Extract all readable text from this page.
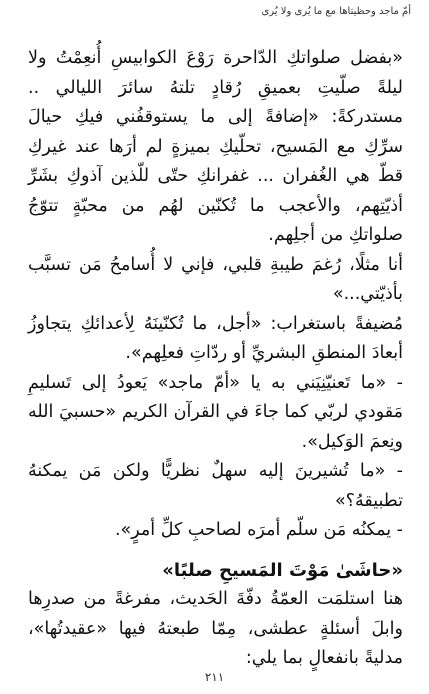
أمّ ماجد وحظيتاها مع ما يُرى ولا يُرى

«بفضل صلواتكِ الدّاحرة رَوْعَ الكوابيسِ أُنعِمْتُ ولا ليلةً صلّيتِ بعميقِ رُقادٍ تلتهُ سائرَ الليالي .. مستدركةً: «إضافةً إلى ما يستوقفُني فيكِ حيالَ سرِّكِ مع المَسيح، تحلّيكِ بميزةٍ لم أرَها عند غيركِ قطّ هي الغُفران ... غفرانكِ حتّى للّذين آذوكِ بشَرِّ أذيّتِهم، والأعجب ما تُكنّين لهُم من محبّةٍ تتوّجُ صلواتكِ من أجلِهم.

أنا مثلًا، رُغمَ طيبةِ قلبي، فإني لا أُسامحُ مَن تسبَّب بأذيّتي...»

مُضيفةً باستغراب: «أجل، ما تُكنّينَهُ لِأعدائكِ يتجاوزُ أبعادَ المنطقِ البشريِّ أو ردّاتِ فعلِهم».

- «ما تَعنيّنِيَني به يا «أمّ ماجد» يَعودُ إلى تَسليمِ مَقودي لربّي كما جاءَ في القرآن الكريم «حسبيَ الله ونِعمَ الوَكيل».

- «ما تُشيرينَ إليه سهلٌ نظريًّا ولكن مَن يمكنهُ تطبيقهُ؟»

- يمكنُه مَن سلّم أمرَه لصاحبِ كلِّ أمرٍ».

«حاشَىٰ مَوْتَ المَسيحِ صلبًا»

هنا استلمَت العمّةُ دفّةَ الحَديث، مفرغةً من صدرِها وابلَ أسئلةٍ عطشى، مِمّا طبعتهُ فيها «عقيدتُها»، مدليةً بانفعالٍ بما يلي:

٢١١
